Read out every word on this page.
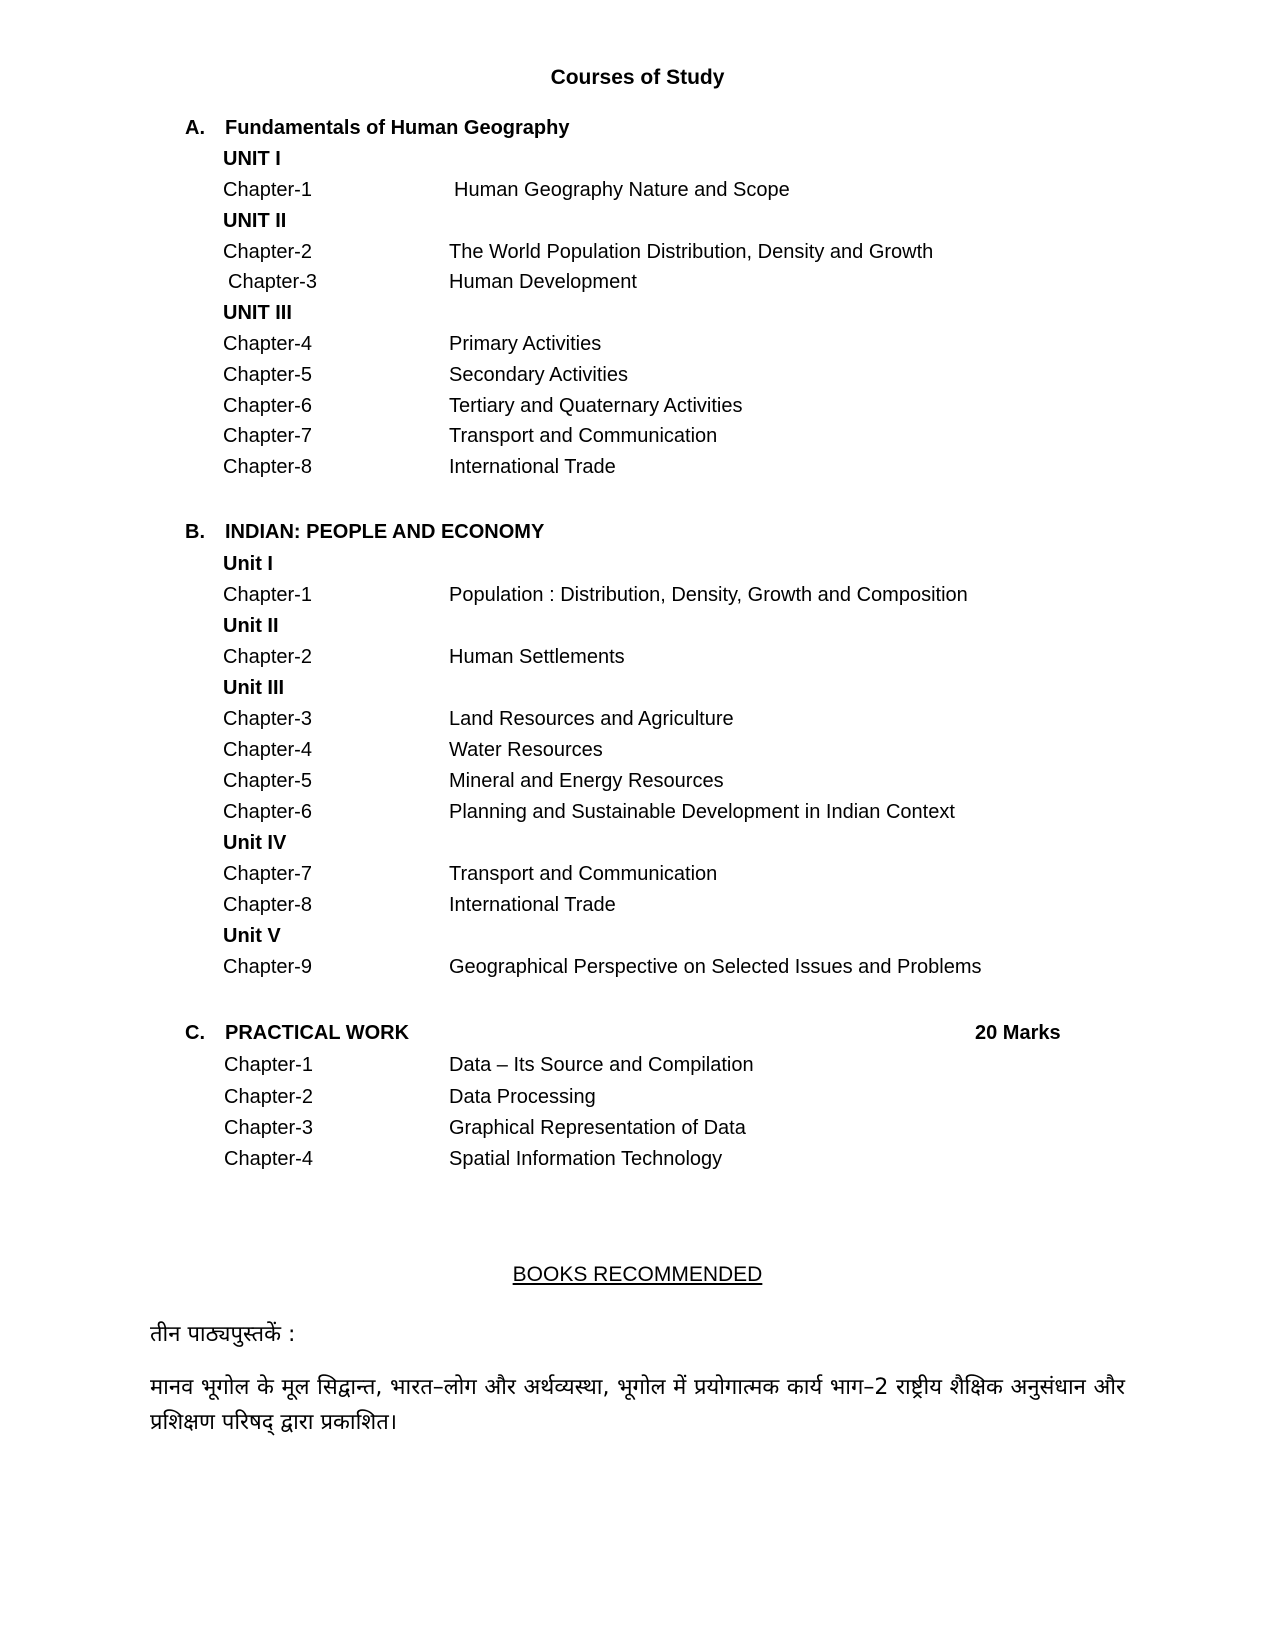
Courses of Study
A. Fundamentals of Human Geography
UNIT I
Chapter-1	Human Geography Nature and Scope
UNIT II
Chapter-2	The World Population Distribution, Density and Growth
Chapter-3	Human Development
UNIT III
Chapter-4	Primary Activities
Chapter-5	Secondary Activities
Chapter-6	Tertiary and Quaternary Activities
Chapter-7	Transport and Communication
Chapter-8	International Trade
B. INDIAN: PEOPLE AND ECONOMY
Unit I
Chapter-1	Population : Distribution, Density, Growth and Composition
Unit II
Chapter-2	Human Settlements
Unit III
Chapter-3	Land Resources and Agriculture
Chapter-4	Water Resources
Chapter-5	Mineral and Energy Resources
Chapter-6	Planning and Sustainable Development in Indian Context
Unit IV
Chapter-7	Transport and Communication
Chapter-8	International Trade
Unit V
Chapter-9	Geographical Perspective on Selected Issues and Problems
C. PRACTICAL WORK	20 Marks
Chapter-1	Data – Its Source and Compilation
Chapter-2	Data Processing
Chapter-3	Graphical Representation of Data
Chapter-4	Spatial Information Technology
BOOKS RECOMMENDED
तीन पाठ्यपुस्तकें :
मानव भूगोल के मूल सिद्वान्त, भारत–लोग और अर्थव्यस्था, भूगोल में प्रयोगात्मक कार्य भाग–2 राष्ट्रीय शैक्षिक अनुसंधान और प्रशिक्षण परिषद् द्वारा प्रकाशित।
